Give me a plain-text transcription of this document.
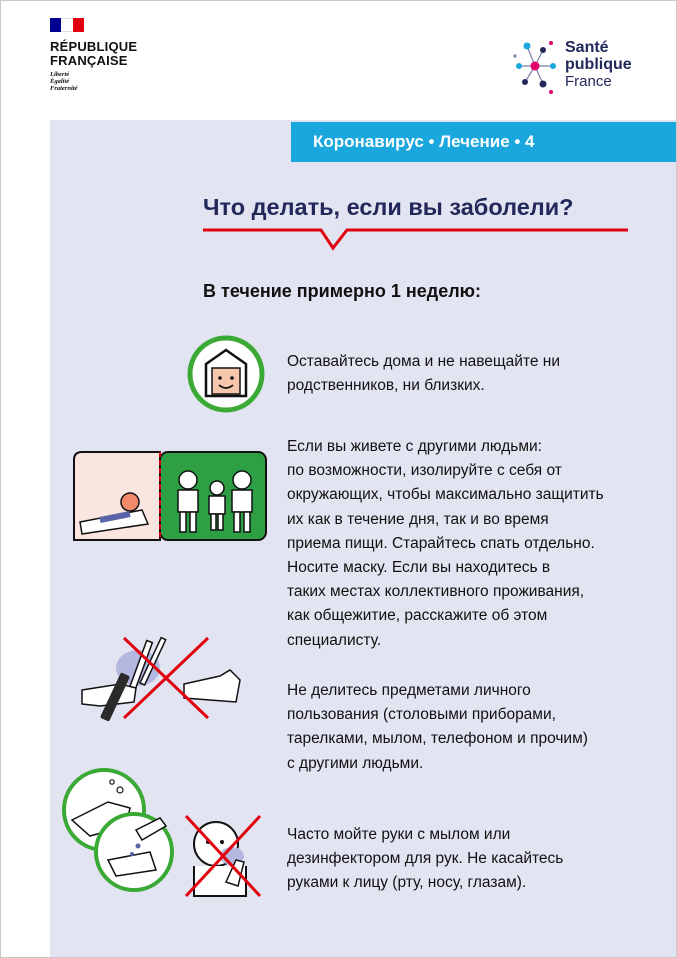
RÉPUBLIQUE
FRANÇAISE
Liberté
Égalité
Fraternité
Santé
publique
France
Коронавирус • Лечение • 4
Что делать, если вы заболели?
В течение примерно 1 неделю:
Оставайтесь дома и не навещайте ни
родственников, ни близких.
Если вы живете с другими людьми:
по возможности, изолируйте с себя от
окружающих, чтобы максимально защитить
их как в течение дня, так и во время
приема пищи. Старайтесь спать отдельно.
Носите маску. Если вы находитесь в
таких местах коллективного проживания,
как общежитие, расскажите об этом
специалисту.
Не делитесь предметами личного
пользования (столовыми приборами,
тарелками, мылом, телефоном и прочим)
с другими людьми.
Часто мойте руки с мылом или
дезинфектором для рук. Не касайтесь
руками к лицу (рту, носу, глазам).
